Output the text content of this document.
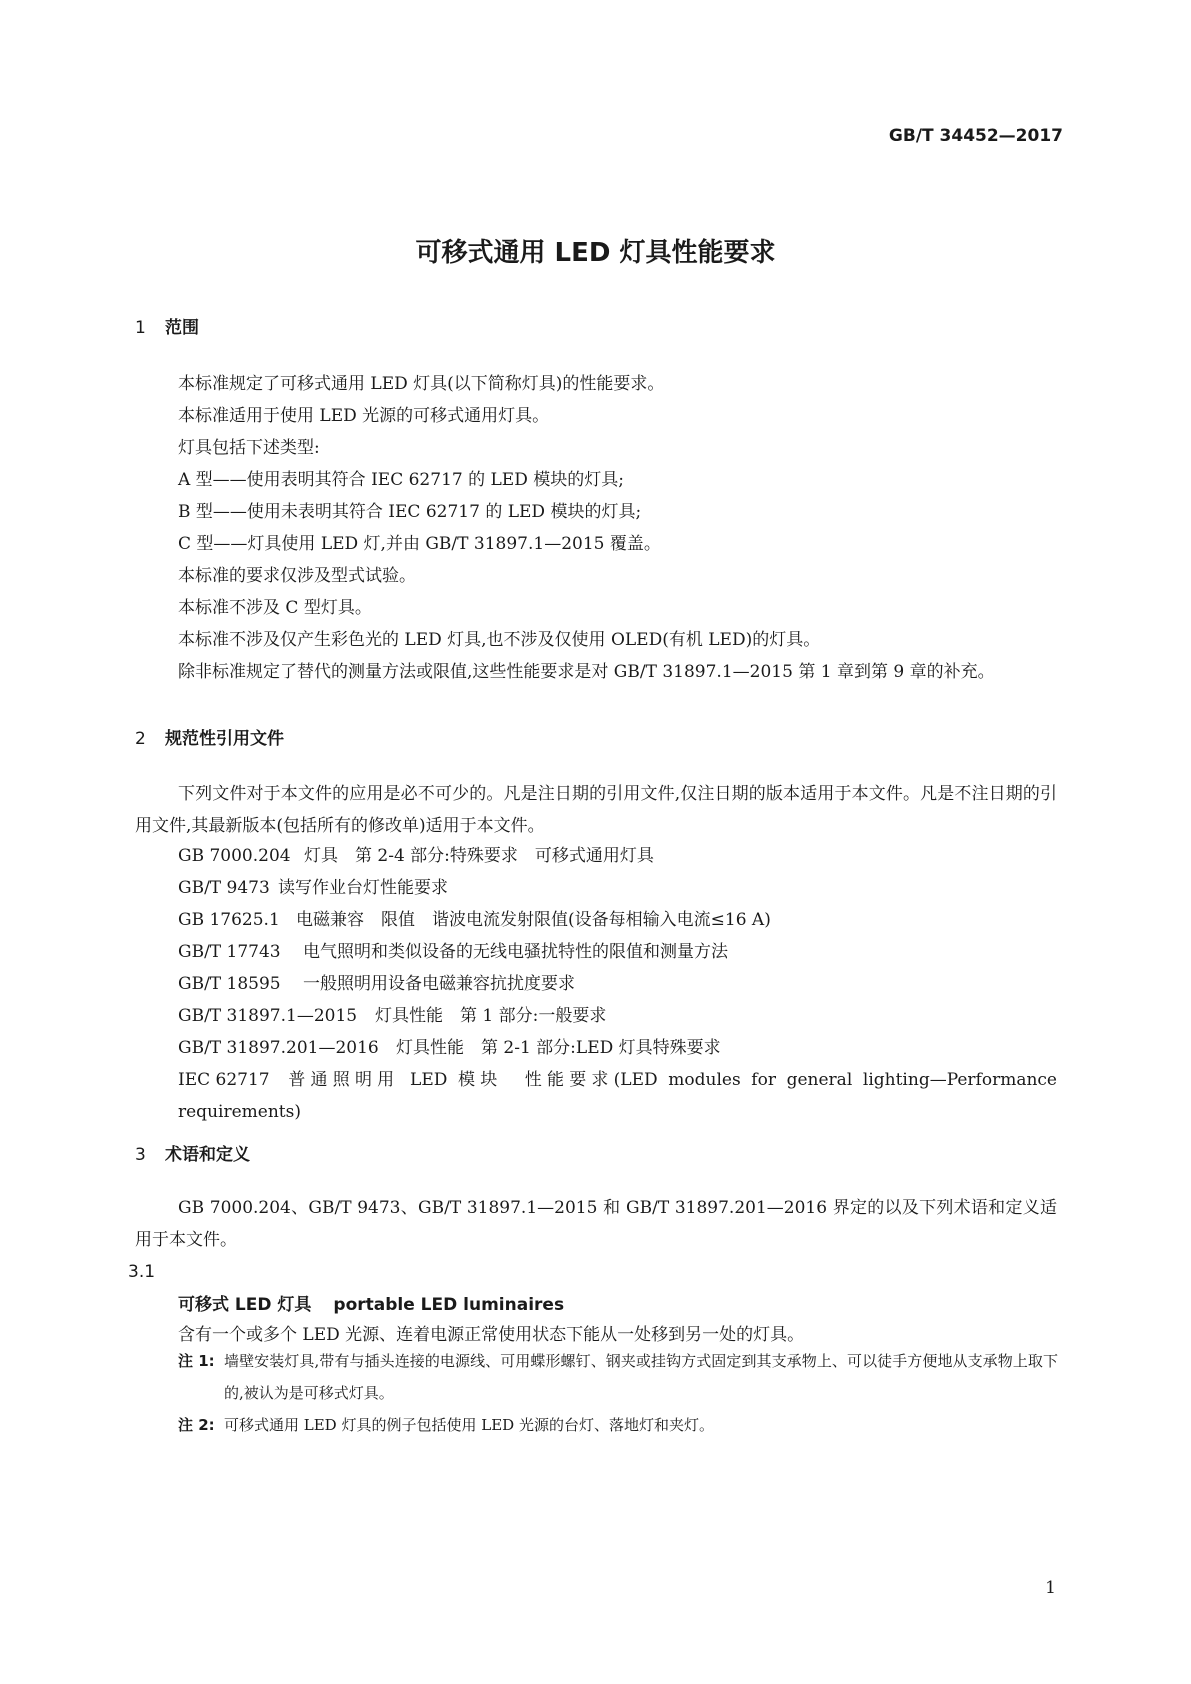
GB/T 34452—2017
可移式通用 LED 灯具性能要求
1 范围

本标准规定了可移式通用 LED 灯具(以下简称灯具)的性能要求。

本标准适用于使用 LED 光源的可移式通用灯具。

灯具包括下述类型:

A 型——使用表明其符合 IEC 62717 的 LED 模块的灯具;

B 型——使用未表明其符合 IEC 62717 的 LED 模块的灯具;

C 型——灯具使用 LED 灯,并由 GB/T 31897.1—2015 覆盖。

本标准的要求仅涉及型式试验。

本标准不涉及 C 型灯具。

本标准不涉及仅产生彩色光的 LED 灯具,也不涉及仅使用 OLED(有机 LED)的灯具。

除非标准规定了替代的测量方法或限值,这些性能要求是对 GB/T 31897.1—2015 第 1 章到第 9 章的补充。

2 规范性引用文件

下列文件对于本文件的应用是必不可少的。凡是注日期的引用文件,仅注日期的版本适用于本文件。凡是不注日期的引用文件,其最新版本(包括所有的修改单)适用于本文件。

GB 7000.204 灯具　第 2-4 部分:特殊要求　可移式通用灯具
GB/T 9473 读写作业台灯性能要求
GB 17625.1 电磁兼容　限值　谐波电流发射限值(设备每相输入电流≤16 A)
GB/T 17743 电气照明和类似设备的无线电骚扰特性的限值和测量方法
GB/T 18595 一般照明用设备电磁兼容抗扰度要求
GB/T 31897.1—2015 灯具性能　第 1 部分:一般要求
GB/T 31897.201—2016 灯具性能　第 2-1 部分:LED 灯具特殊要求
IEC 62717 普通照明用 LED 模块　性能要求(LED modules for general lighting—Performance requirements)
3 术语和定义

GB 7000.204、GB/T 9473、GB/T 31897.1—2015 和 GB/T 31897.201—2016 界定的以及下列术语和定义适用于本文件。

3.1
可移式 LED 灯具 portable LED luminaires
含有一个或多个 LED 光源、连着电源正常使用状态下能从一处移到另一处的灯具。
注 1: 墙壁安装灯具,带有与插头连接的电源线、可用蝶形螺钉、钢夹或挂钩方式固定到其支承物上、可以徒手方便地从支承物上取下的,被认为是可移式灯具。
注 2: 可移式通用 LED 灯具的例子包括使用 LED 光源的台灯、落地灯和夹灯。
1
